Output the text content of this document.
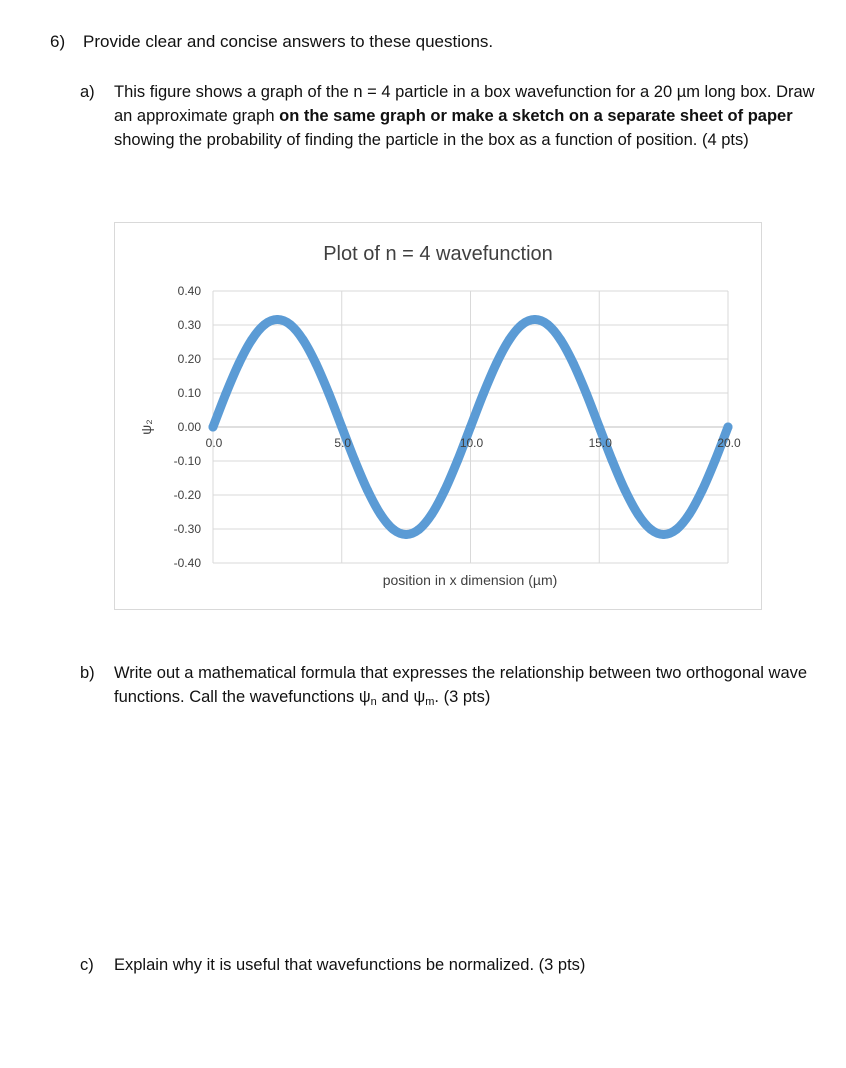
6) Provide clear and concise answers to these questions.
a) This figure shows a graph of the n = 4 particle in a box wavefunction for a 20 µm long box. Draw an approximate graph on the same graph or make a sketch on a separate sheet of paper showing the probability of finding the particle in the box as a function of position. (4 pts)
0.40
0.30
0.20
0.10
0.00
-0.10
-0.20
-0.30
-0.40
0.0	5.0	10.0	15.0	20.0
Plot of n = 4 wavefunction
position in x dimension (µm)
ψ₂
b) Write out a mathematical formula that expresses the relationship between two orthogonal wave functions. Call the wavefunctions $\psi_n$ and $\psi_m$. (3 pts)
c) Explain why it is useful that wavefunctions be normalized. (3 pts)
